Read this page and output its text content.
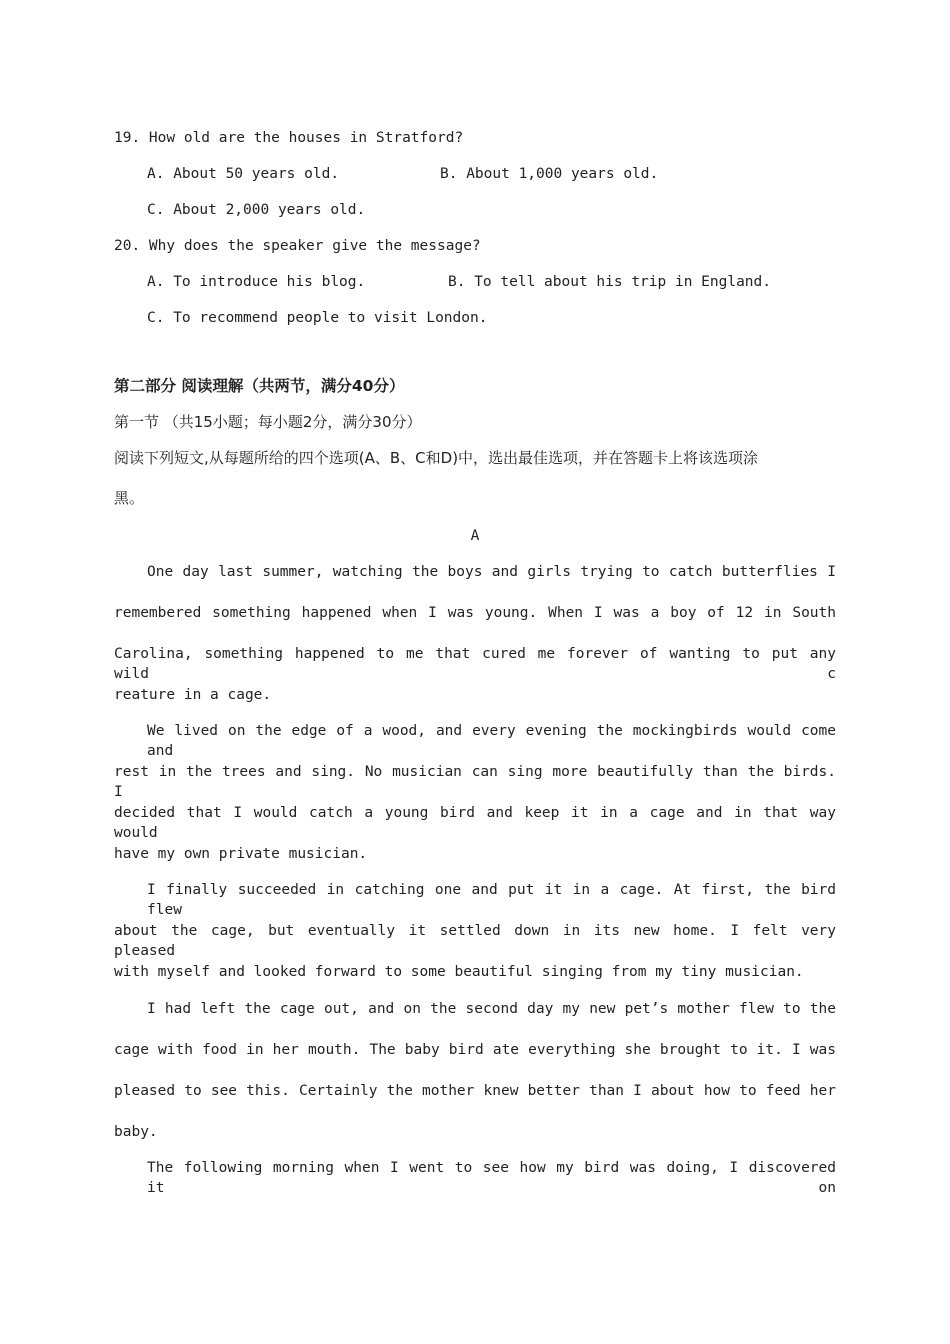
19. How old are the houses in Stratford?
A. About 50 years old.	B. About 1,000 years old.
C. About 2,000 years old.
20. Why does the speaker give the message?
A. To introduce his blog.	B. To tell about his trip in England.
C. To recommend people to visit London.
第二部分 阅读理解（共两节，满分40分）
第一节 （共15小题；每小题2分，满分30分）
阅读下列短文,从每题所给的四个选项(A、B、C和D)中，选出最佳选项，并在答题卡上将该选项涂
黑。
A
One day last summer, watching the boys and girls trying to catch butterflies I
remembered something happened when I was young. When I was a boy of 12 in South
Carolina, something happened to me that cured me forever of wanting to put any wild c
reature in a cage.
We lived on the edge of a wood, and every evening the mockingbirds would come and
rest in the trees and sing. No musician can sing more beautifully than the birds. I
decided that I would catch a young bird and keep it in a cage and in that way would
have my own private musician.
I finally succeeded in catching one and put it in a cage. At first, the bird flew
about the cage, but eventually it settled down in its new home. I felt very pleased
with myself and looked forward to some beautiful singing from my tiny musician.
I had left the cage out, and on the second day my new pet’s mother flew to the
cage with food in her mouth. The baby bird ate everything she brought to it. I was
pleased to see this. Certainly the mother knew better than I about how to feed her
baby.
The following morning when I went to see how my bird was doing, I discovered it on
